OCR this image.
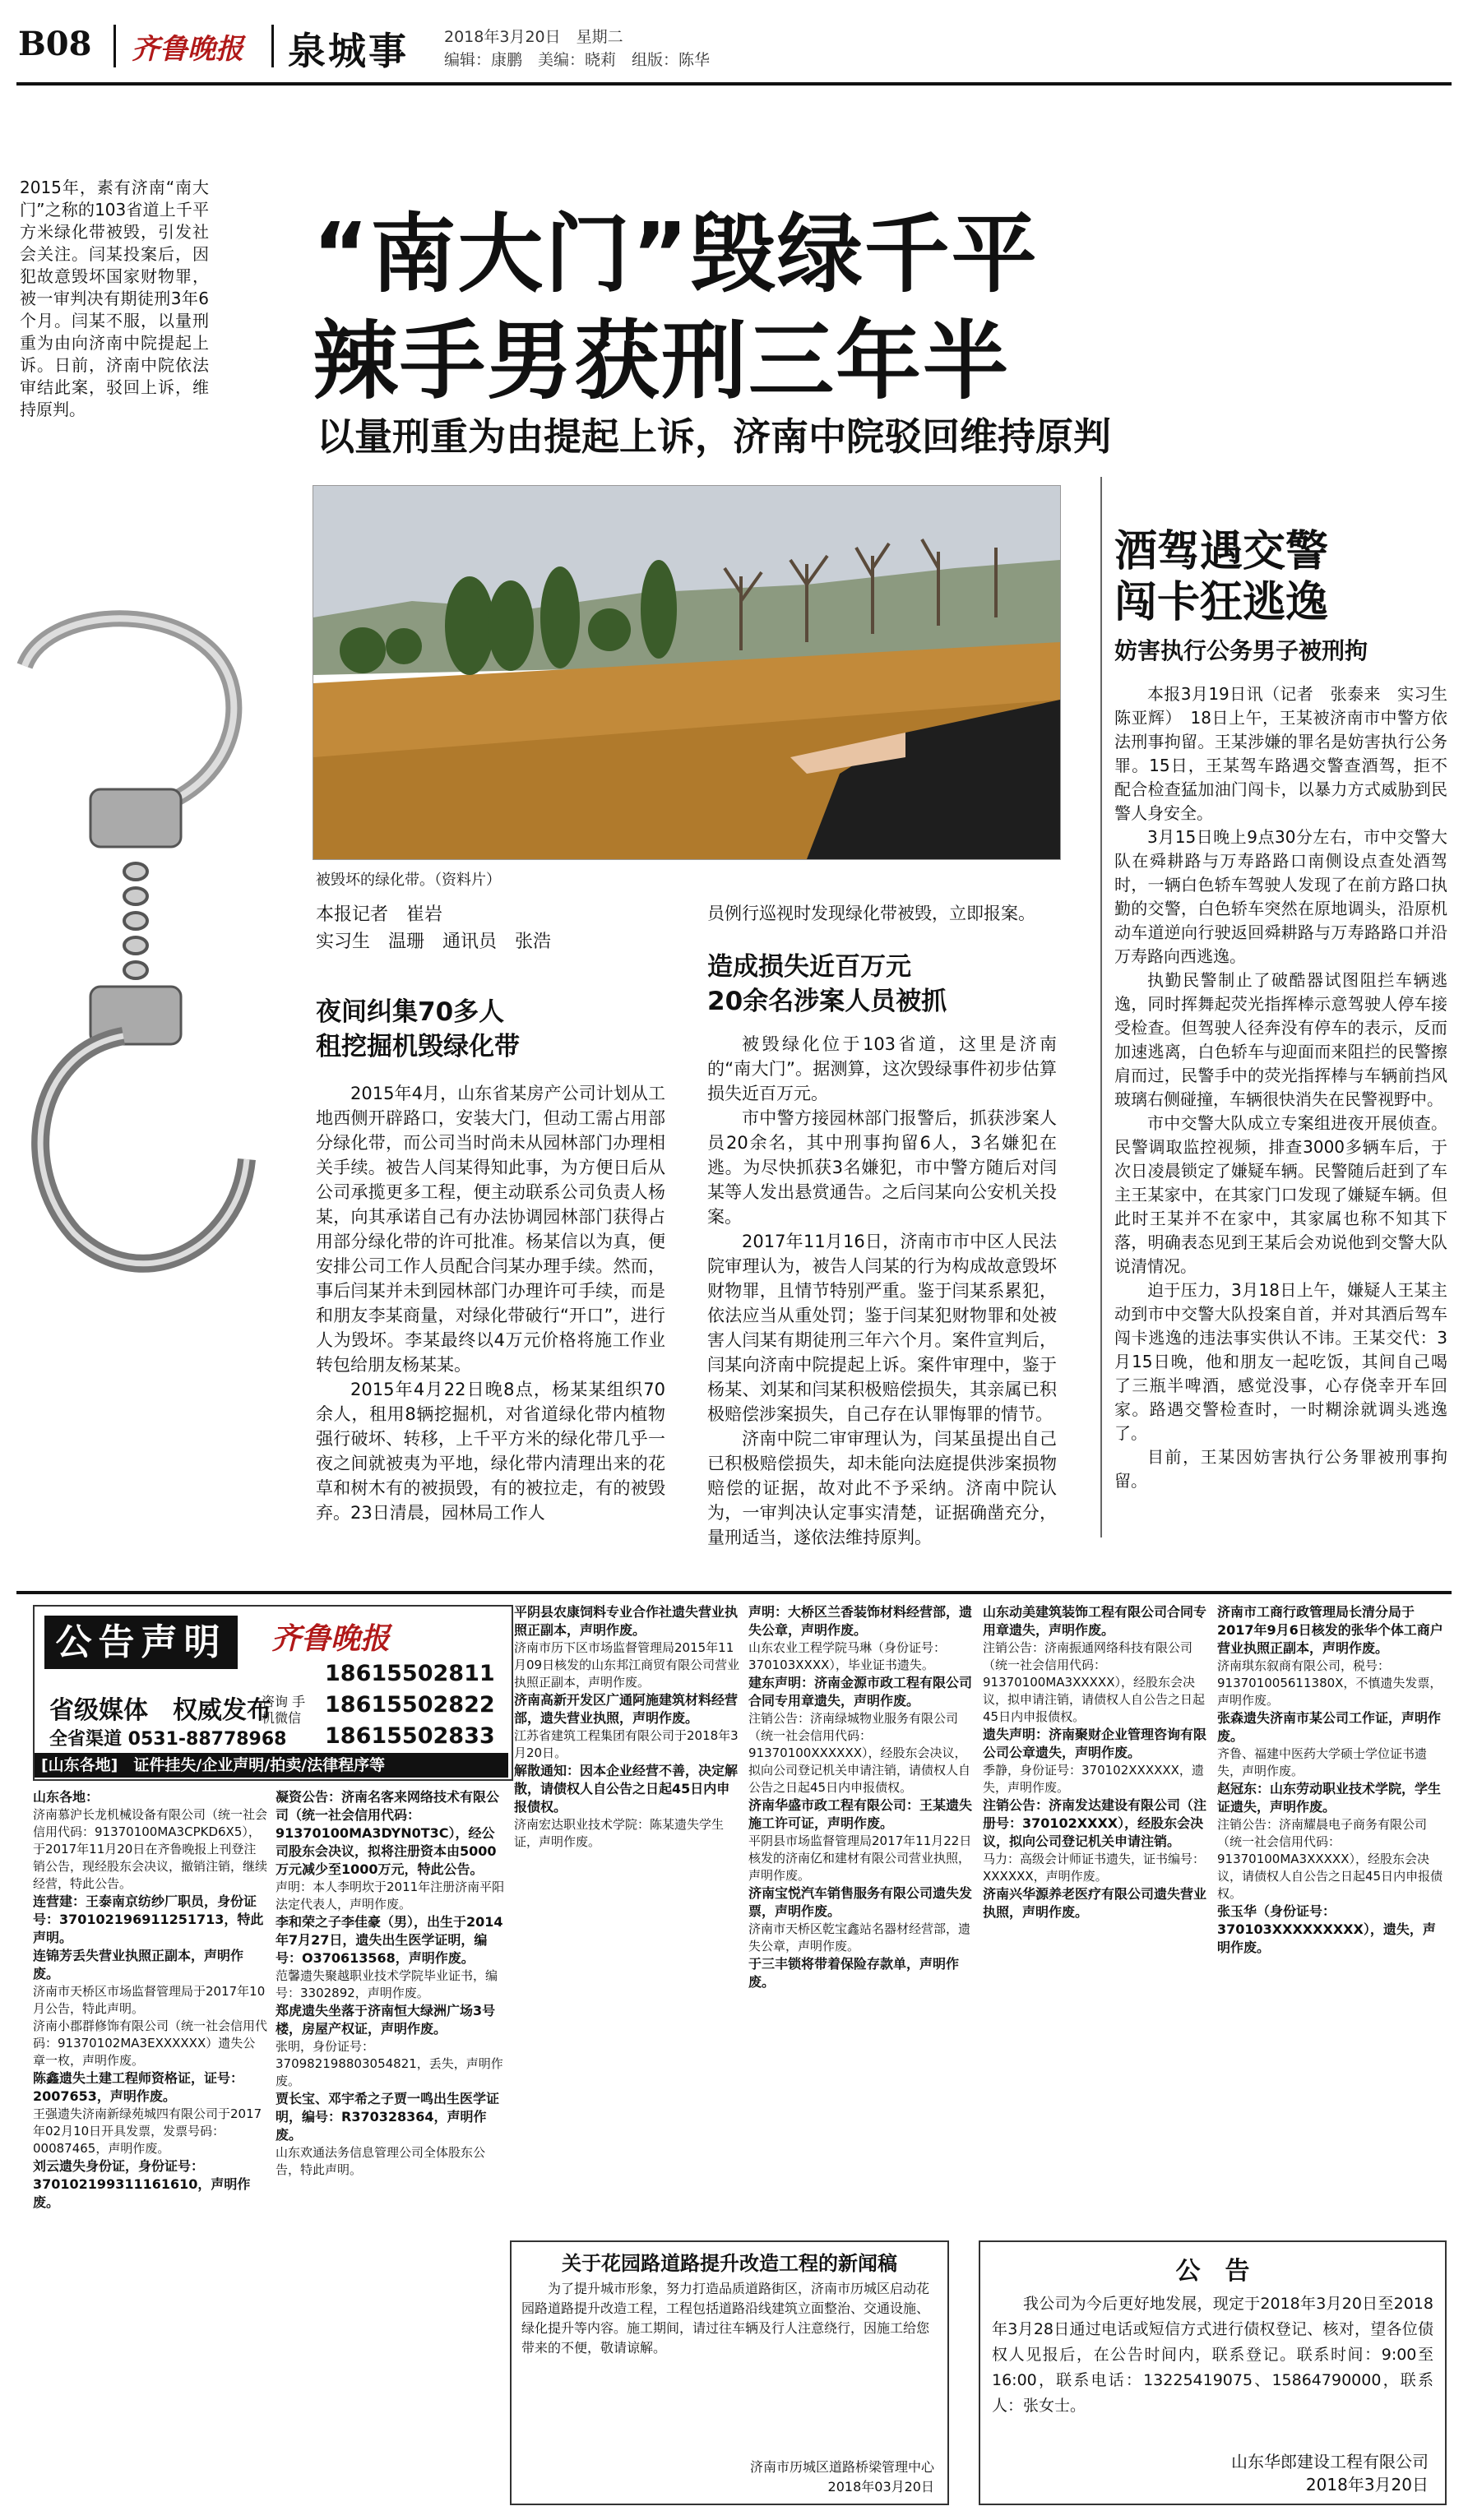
B08 齐鲁晚报 泉城事 2018年3月20日　星期二
编辑：康鹏　美编：晓莉　组版：陈华
2015年，素有济南“南大门”之称的103省道上千平方米绿化带被毁，引发社会关注。闫某投案后，因犯故意毁坏国家财物罪，被一审判决有期徒刑3年6个月。闫某不服，以量刑重为由向济南中院提起上诉。日前，济南中院依法审结此案，驳回上诉，维持原判。
“南大门”毁绿千平
辣手男获刑三年半
以量刑重为由提起上诉，济南中院驳回维持原判
被毁坏的绿化带。（资料片）
本报记者　崔岩
实习生　温珊　通讯员　张浩
夜间纠集70多人
租挖掘机毁绿化带

2015年4月，山东省某房产公司计划从工地西侧开辟路口，安装大门，但动工需占用部分绿化带，而公司当时尚未从园林部门办理相关手续。被告人闫某得知此事，为方便日后从公司承揽更多工程，便主动联系公司负责人杨某，向其承诺自己有办法协调园林部门获得占用部分绿化带的许可批准。杨某信以为真，便安排公司工作人员配合闫某办理手续。然而，事后闫某并未到园林部门办理许可手续，而是和朋友李某商量，对绿化带破行“开口”，进行人为毁坏。李某最终以4万元价格将施工作业转包给朋友杨某某。

2015年4月22日晚8点，杨某某组织70余人，租用8辆挖掘机，对省道绿化带内植物强行破坏、转移，上千平方米的绿化带几乎一夜之间就被夷为平地，绿化带内清理出来的花草和树木有的被损毁，有的被拉走，有的被毁弃。23日清晨，园林局工作人

员例行巡视时发现绿化带被毁，立即报案。
造成损失近百万元
20余名涉案人员被抓

被毁绿化位于103省道，这里是济南的“南大门”。据测算，这次毁绿事件初步估算损失近百万元。

市中警方接园林部门报警后，抓获涉案人员20余名，其中刑事拘留6人，3名嫌犯在逃。为尽快抓获3名嫌犯，市中警方随后对闫某等人发出悬赏通告。之后闫某向公安机关投案。

2017年11月16日，济南市市中区人民法院审理认为，被告人闫某的行为构成故意毁坏财物罪，且情节特别严重。鉴于闫某系累犯，依法应当从重处罚；鉴于闫某犯财物罪和处被害人闫某有期徒刑三年六个月。案件宣判后，闫某向济南中院提起上诉。案件审理中，鉴于杨某、刘某和闫某积极赔偿损失，其亲属已积极赔偿涉案损失，自己存在认罪悔罪的情节。

济南中院二审审理认为，闫某虽提出自己已积极赔偿损失，却未能向法庭提供涉案损物赔偿的证据，故对此不予采纳。济南中院认为，一审判决认定事实清楚，证据确凿充分，量刑适当，遂依法维持原判。

酒驾遇交警
闯卡狂逃逸
妨害执行公务男子被刑拘

本报3月19日讯（记者　张泰来　实习生　陈亚辉）　18日上午，王某被济南市中警方依法刑事拘留。王某涉嫌的罪名是妨害执行公务罪。15日，王某驾车路遇交警查酒驾，拒不配合检查猛加油门闯卡，以暴力方式威胁到民警人身安全。

3月15日晚上9点30分左右，市中交警大队在舜耕路与万寿路路口南侧设点查处酒驾时，一辆白色轿车驾驶人发现了在前方路口执勤的交警，白色轿车突然在原地调头，沿原机动车道逆向行驶返回舜耕路与万寿路路口并沿万寿路向西逃逸。

执勤民警制止了破酷器试图阻拦车辆逃逸，同时挥舞起荧光指挥棒示意驾驶人停车接受检查。但驾驶人径奔没有停车的表示，反而加速逃离，白色轿车与迎面而来阻拦的民警擦肩而过，民警手中的荧光指挥棒与车辆前挡风玻璃右侧碰撞，车辆很快消失在民警视野中。

市中交警大队成立专案组进夜开展侦查。民警调取监控视频，排查3000多辆车后，于次日凌晨锁定了嫌疑车辆。民警随后赶到了车主王某家中，在其家门口发现了嫌疑车辆。但此时王某并不在家中，其家属也称不知其下落，明确表态见到王某后会劝说他到交警大队说清情况。

迫于压力，3月18日上午，嫌疑人王某主动到市中交警大队投案自首，并对其酒后驾车闯卡逃逸的违法事实供认不讳。王某交代：3月15日晚，他和朋友一起吃饭，其间自己喝了三瓶半啤酒，感觉没事，心存侥幸开车回家。路遇交警检查时，一时糊涂就调头逃逸了。

目前，王某因妨害执行公务罪被刑事拘留。

公告声明	齐鲁晚报
省级媒体　权威发布
咨询 手机微信
18615502811
18615502822
18615502833
全省渠道 0531-88778968
[山东各地]　证件挂失/企业声明/拍卖/法律程序等
山东各地：
济南慕沪长龙机械设备有限公司（统一社会信用代码：91370100MA3CPKD6X5），于2017年11月20日在齐鲁晚报上刊登注销公告，现经股东会决议，撤销注销，继续经营，特此公告。
连营建：王泰南京纺纱厂职员，身份证号：370102196911251713，特此声明。
连锦芳丢失营业执照正副本，声明作废。
济南市天桥区市场监督管理局于2017年10月公告，特此声明。
济南小郡群修饰有限公司（统一社会信用代码：91370102MA3EXXXXXX）遗失公章一枚，声明作废。
陈鑫遗失土建工程师资格证，证号：2007653，声明作废。
王强遗失济南新绿苑城四有限公司于2017年02月10日开具发票，发票号码：00087465，声明作废。
刘云遗失身份证，身份证号：370102199311161610，声明作废。
凝资公告：济南名客来网络技术有限公司（统一社会信用代码：91370100MA3DYN0T3C），经公司股东会决议，拟将注册资本由5000万元减少至1000万元，特此公告。
声明：本人李明坎于2011年注册济南平阳法定代表人，声明作废。
李和荣之子李佳豪（男），出生于2014年7月27日，遗失出生医学证明，编号：O370613568，声明作废。
范馨遗失聚越职业技术学院毕业证书，编号：3302892，声明作废。
郑虎遗失坐落于济南恒大绿洲广场3号楼，房屋产权证，声明作废。
张明，身份证号：370982198803054821，丢失，声明作废。
贾长宝、邓宇希之子贾一鸣出生医学证明，编号：R370328364，声明作废。
山东欢通法务信息管理公司全体股东公告，特此声明。
平阴县农康饲料专业合作社遗失营业执照正副本，声明作废。
济南市历下区市场监督管理局2015年11月09日核发的山东邦江商贸有限公司营业执照正副本，声明作废。
济南高新开发区广通阿施建筑材料经营部，遗失营业执照，声明作废。
江苏省建筑工程集团有限公司于2018年3月20日。
解散通知：因本企业经营不善，决定解散，请债权人自公告之日起45日内申报债权。
济南宏达职业技术学院：陈某遗失学生证，声明作废。
声明：大桥区兰香装饰材料经营部，遗失公章，声明作废。
山东农业工程学院马琳（身份证号：370103XXXX），毕业证书遗失。
建东声明：济南金源市政工程有限公司合同专用章遗失，声明作废。
注销公告：济南绿城物业服务有限公司（统一社会信用代码：91370100XXXXXX），经股东会决议，拟向公司登记机关申请注销，请债权人自公告之日起45日内申报债权。
济南华盛市政工程有限公司：王某遗失施工许可证，声明作废。
平阴县市场监督管理局2017年11月22日核发的济南亿和建材有限公司营业执照，声明作废。
济南宝悦汽车销售服务有限公司遗失发票，声明作废。
济南市天桥区乾宝鑫站名器材经营部，遗失公章，声明作废。
于三丰锁将带着保险存款单，声明作废。
山东动美建筑装饰工程有限公司合同专用章遗失，声明作废。
注销公告：济南振通网络科技有限公司（统一社会信用代码：91370100MA3XXXXX），经股东会决议，拟申请注销，请债权人自公告之日起45日内申报债权。
遗失声明：济南聚财企业管理咨询有限公司公章遗失，声明作废。
季静，身份证号：370102XXXXXX，遗失，声明作废。
注销公告：济南发达建设有限公司（注册号：370102XXXX），经股东会决议，拟向公司登记机关申请注销。
马力：高级会计师证书遗失，证书编号：XXXXXX，声明作废。
济南兴华源养老医疗有限公司遗失营业执照，声明作废。
济南市工商行政管理局长清分局于2017年9月6日核发的张华个体工商户营业执照正副本，声明作废。
济南琪东叙商有限公司，税号：913701005611380X，不慎遗失发票，声明作废。
张森遗失济南市某公司工作证，声明作废。
齐鲁、福建中医药大学硕士学位证书遗失，声明作废。
赵冠东：山东劳动职业技术学院，学生证遗失，声明作废。
注销公告：济南耀晨电子商务有限公司（统一社会信用代码：91370100MA3XXXXX），经股东会决议，请债权人自公告之日起45日内申报债权。
张玉华（身份证号：370103XXXXXXXXX），遗失，声明作废。
关于花园路道路提升改造工程的新闻稿
为了提升城市形象，努力打造品质道路街区，济南市历城区启动花园路道路提升改造工程，工程包括道路沿线建筑立面整治、交通设施、绿化提升等内容。施工期间，请过往车辆及行人注意绕行，因施工给您带来的不便，敬请谅解。
济南市历城区道路桥梁管理中心
2018年03月20日
公　告
我公司为今后更好地发展，现定于2018年3月20日至2018年3月28日通过电话或短信方式进行债权登记、核对，望各位债权人见报后，在公告时间内，联系登记。联系时间：9:00至16:00，联系电话：13225419075、15864790000，联系人：张女士。
山东华郎建设工程有限公司
2018年3月20日
